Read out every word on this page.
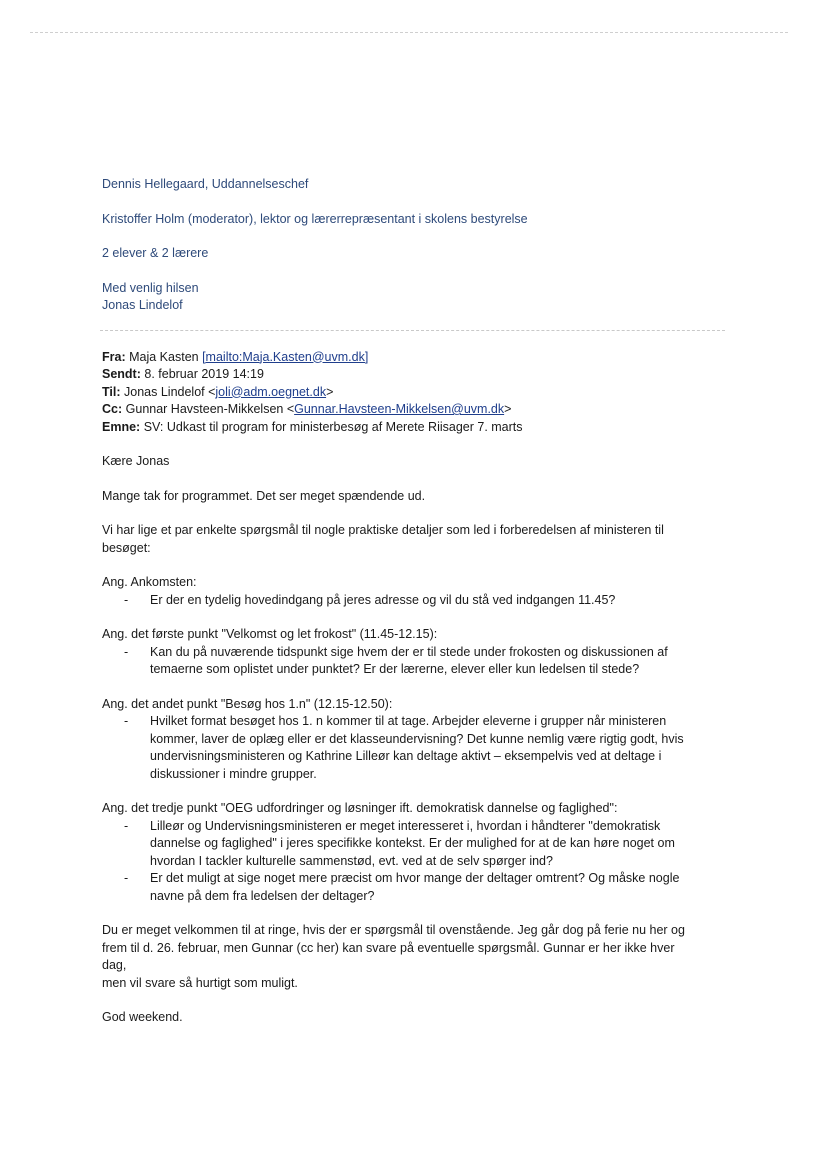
Dennis Hellegaard, Uddannelseschef

Kristoffer Holm (moderator), lektor og lærerrepræsentant i skolens bestyrelse

2 elever & 2 lærere

Med venlig hilsen

Jonas Lindelof

Fra: Maja Kasten [mailto:Maja.Kasten@uvm.dk]

Sendt: 8. februar 2019 14:19

Til: Jonas Lindelof <joli@adm.oegnet.dk>

Cc: Gunnar Havsteen-Mikkelsen <Gunnar.Havsteen-Mikkelsen@uvm.dk>

Emne: SV: Udkast til program for ministerbesøg af Merete Riisager 7. marts

Kære Jonas

Mange tak for programmet. Det ser meget spændende ud.

Vi har lige et par enkelte spørgsmål til nogle praktiske detaljer som led i forberedelsen af ministeren til

besøget:

Ang. Ankomsten:

- Er der en tydelig hovedindgang på jeres adresse og vil du stå ved indgangen 11.45?

Ang. det første punkt "Velkomst og let frokost" (11.45-12.15):

- Kan du på nuværende tidspunkt sige hvem der er til stede under frokosten og diskussionen af

temaerne som oplistet under punktet? Er der lærerne, elever eller kun ledelsen til stede?

Ang. det andet punkt "Besøg hos 1.n" (12.15-12.50):

- Hvilket format besøget hos 1. n kommer til at tage. Arbejder eleverne i grupper når ministeren

kommer, laver de oplæg eller er det klasseundervisning? Det kunne nemlig være rigtig godt, hvis

undervisningsministeren og Kathrine Lilleør kan deltage aktivt – eksempelvis ved at deltage i

diskussioner i mindre grupper.

Ang. det tredje punkt "OEG udfordringer og løsninger ift. demokratisk dannelse og faglighed":

- Lilleør og Undervisningsministeren er meget interesseret i, hvordan i håndterer "demokratisk

dannelse og faglighed" i jeres specifikke kontekst. Er der mulighed for at de kan høre noget om

hvordan I tackler kulturelle sammenstød, evt. ved at de selv spørger ind?

- Er det muligt at sige noget mere præcist om hvor mange der deltager omtrent? Og måske nogle

navne på dem fra ledelsen der deltager?

Du er meget velkommen til at ringe, hvis der er spørgsmål til ovenstående. Jeg går dog på ferie nu her og

frem til d. 26. februar, men Gunnar (cc her) kan svare på eventuelle spørgsmål. Gunnar er her ikke hver dag,

men vil svare så hurtigt som muligt.

God weekend.
